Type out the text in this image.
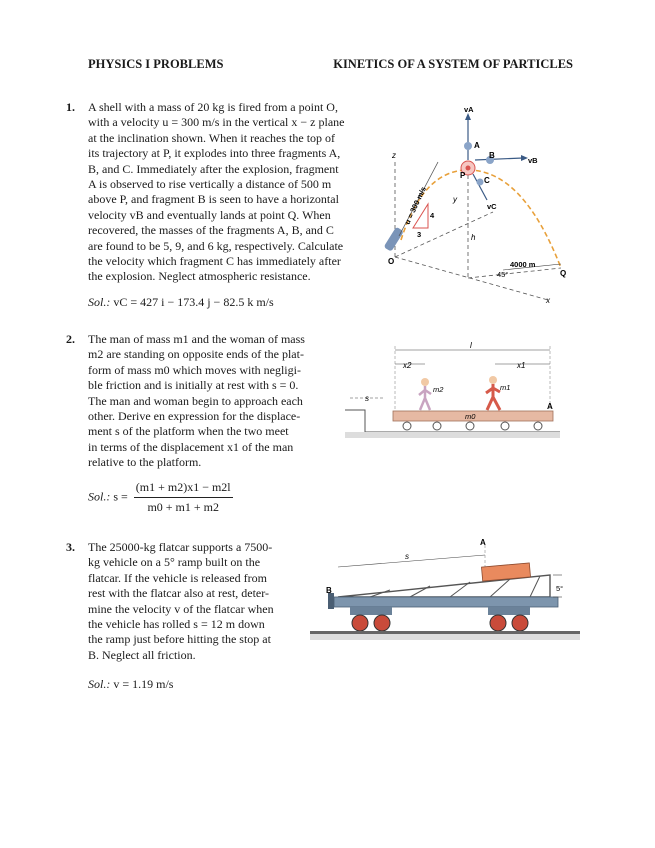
PHYSICS I PROBLEMS	KINETICS OF A SYSTEM OF PARTICLES
1. A shell with a mass of 20 kg is fired from a point O,
with a velocity u = 300 m/s in the vertical x − z plane
at the inclination shown. When it reaches the top of
its trajectory at P, it explodes into three fragments A,
B, and C. Immediately after the explosion, fragment
A is observed to rise vertically a distance of 500 m
above P, and fragment B is seen to have a horizontal
velocity vB and eventually lands at point Q. When
recovered, the masses of the fragments A, B, and C
are found to be 5, 9, and 6 kg, respectively. Calculate
the velocity which fragment C has immediately after
the explosion. Neglect atmospheric resistance.
Sol.: vC = 427 i − 173.4 j − 82.5 k m/s
vA
A
B
vB
P
C
vC
z
u = 300 m/s 4
3
y
h
O	4000 m
45°	Q
x
2. The man of mass m1 and the woman of mass
m2 are standing on opposite ends of the plat-
form of mass m0 which moves with negligi-
ble friction and is initially at rest with s = 0.
The man and woman begin to approach each
other. Derive en expression for the displace-
ment s of the platform when the two meet
in terms of the displacement x1 of the man
relative to the platform.
Sol.: $s = \frac{(m1 + m2)x1 - m2l}{m0 + m1 + m2}$
x2
l
x1
m2	m1
m0
A
s
3. The 25000-kg flatcar supports a 7500-
kg vehicle on a 5° ramp built on the
flatcar. If the vehicle is released from
rest with the flatcar also at rest, deter-
mine the velocity v of the flatcar when
the vehicle has rolled s = 12 m down
the ramp just before hitting the stop at
B. Neglect all friction.
Sol.: v = 1.19 m/s
A
s
5°
B
